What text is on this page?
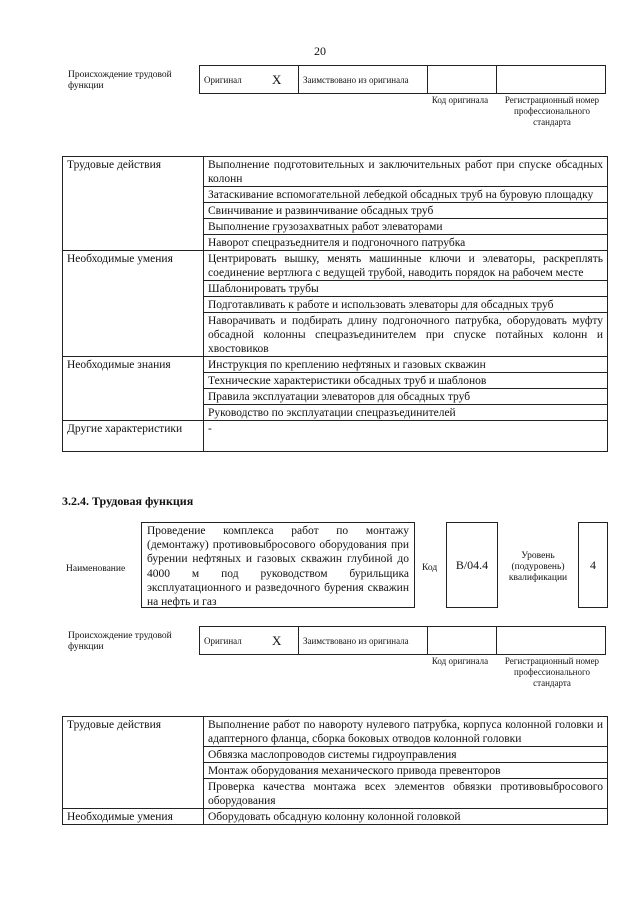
20
Происхождение трудовой функции
Оригинал	X	Заимствовано из оригинала		
Код оригинала	Регистрационный номер профессионального стандарта
Трудовые действия	Выполнение подготовительных и заключительных работ при спуске обсадных колонн
	Затаскивание вспомогательной лебедкой обсадных труб на буровую площадку
	Свинчивание и развинчивание обсадных труб
	Выполнение грузозахватных работ элеваторами
	Наворот спецразъеднителя и подгоночного патрубка
Необходимые умения	Центрировать вышку, менять машинные ключи и элеваторы, раскреплять соединение вертлюга с ведущей трубой, наводить порядок на рабочем месте
	Шаблонировать трубы
	Подготавливать к работе и использовать элеваторы для обсадных труб
	Наворачивать и подбирать длину подгоночного патрубка, оборудовать муфту обсадной колонны спецразъединителем при спуске потайных колонн и хвостовиков
Необходимые знания	Инструкция по креплению нефтяных и газовых скважин
	Технические характеристики обсадных труб и шаблонов
	Правила эксплуатации элеваторов для обсадных труб
	Руководство по эксплуатации спецразъединителей
Другие характеристики	-
3.2.4. Трудовая функция
Наименование
Проведение комплекса работ по монтажу (демонтажу) противовыбросового оборудования при бурении нефтяных и газовых скважин глубиной до 4000 м под руководством бурильщика эксплуатационного и разведочного бурения скважин на нефть и газ
Код	B/04.4
Уровень (подуровень) квалификации
4
Происхождение трудовой функции
Оригинал	X	Заимствовано из оригинала		
Код оригинала	Регистрационный номер профессионального стандарта
Трудовые действия	Выполнение работ по навороту нулевого патрубка, корпуса колонной головки и адаптерного фланца, сборка боковых отводов колонной головки
	Обвязка маслопроводов системы гидроуправления
	Монтаж оборудования механического привода превенторов
	Проверка качества монтажа всех элементов обвязки противовыбросового оборудования
Необходимые умения	Оборудовать обсадную колонну колонной головкой
